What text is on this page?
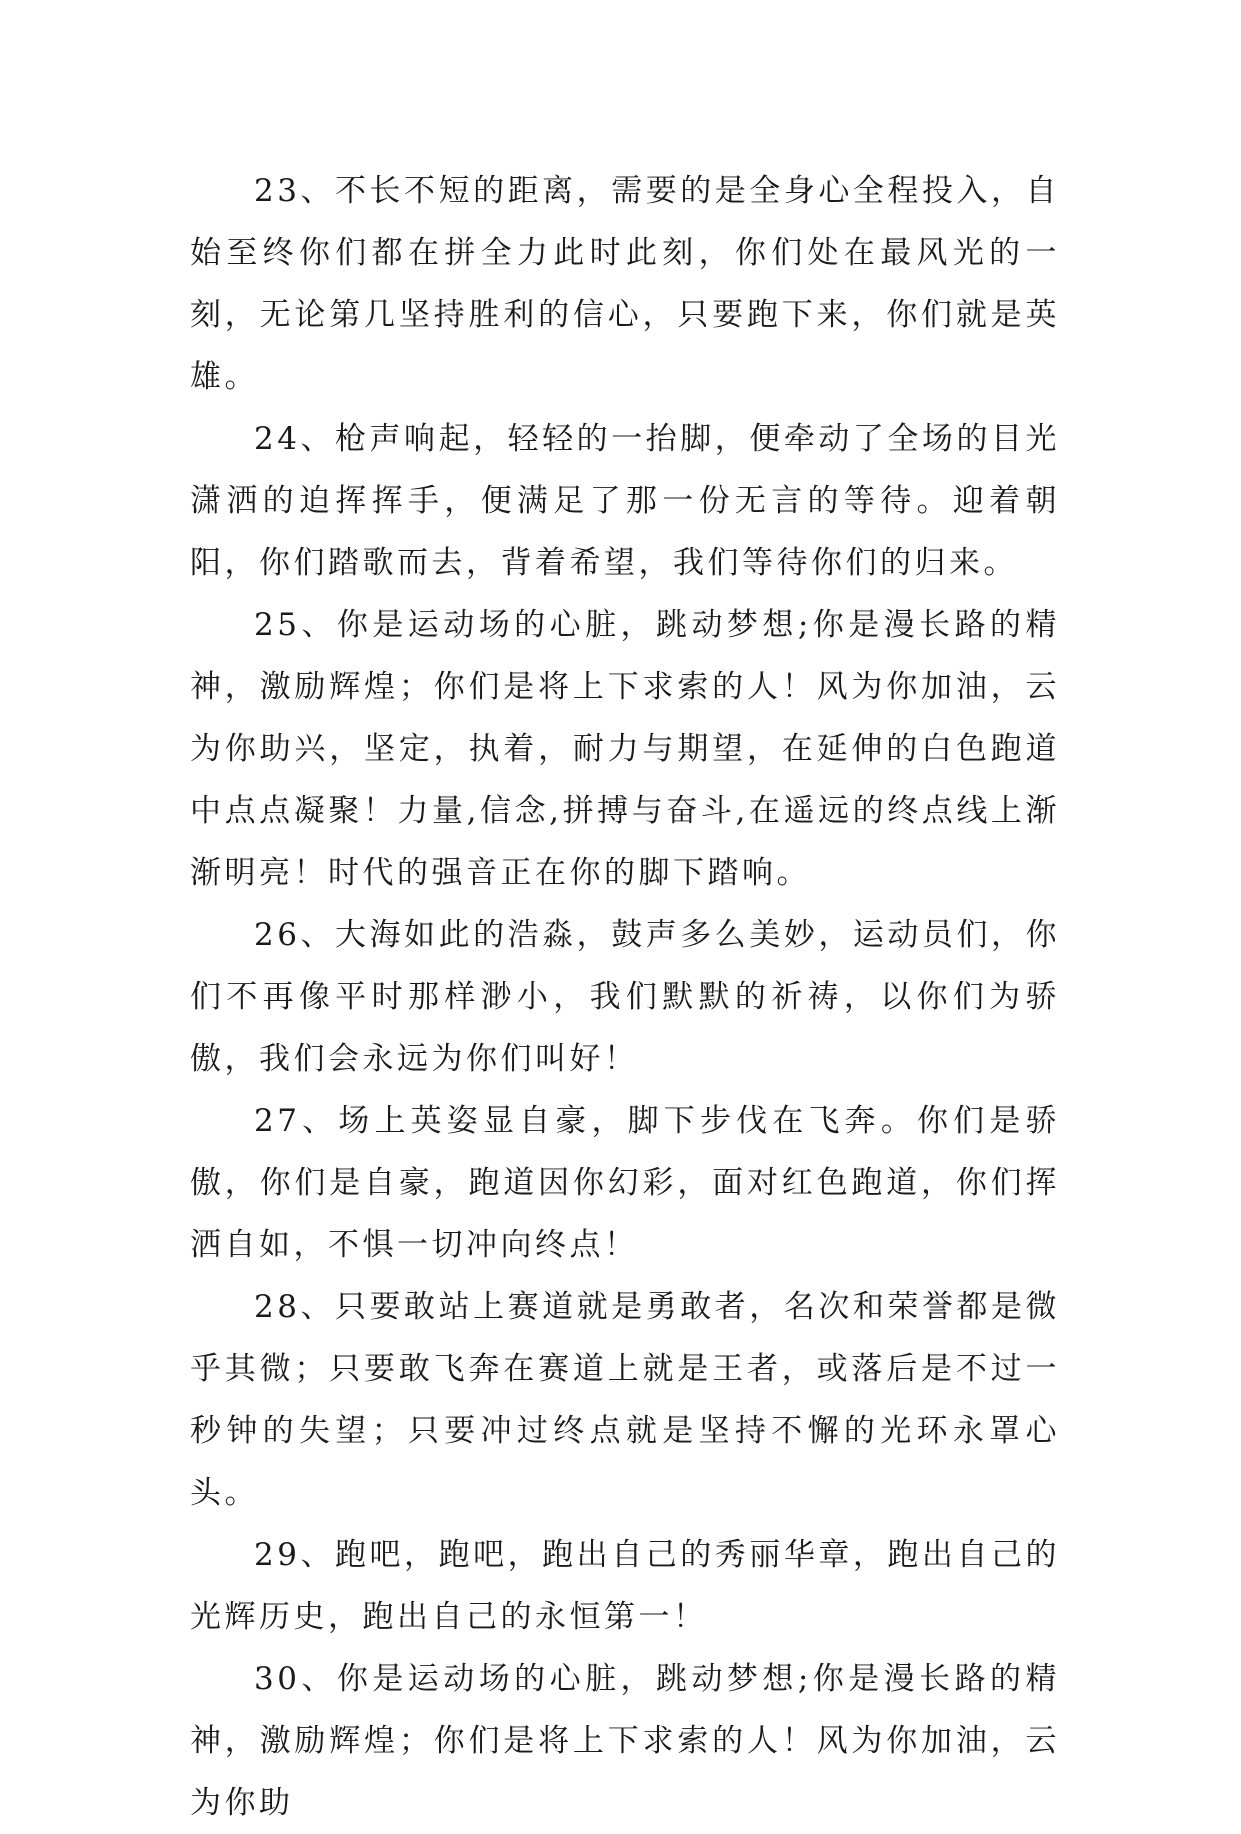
23、不长不短的距离，需要的是全身心全程投入，自始至终你们都在拼全力此时此刻，你们处在最风光的一刻，无论第几坚持胜利的信心，只要跑下来，你们就是英雄。

24、枪声响起，轻轻的一抬脚，便牵动了全场的目光潇洒的迫挥挥手，便满足了那一份无言的等待。迎着朝阳，你们踏歌而去，背着希望，我们等待你们的归来。

25、你是运动场的心脏，跳动梦想;你是漫长路的精神，激励辉煌；你们是将上下求索的人！风为你加油，云为你助兴，坚定，执着，耐力与期望，在延伸的白色跑道中点点凝聚！力量,信念,拼搏与奋斗,在遥远的终点线上渐渐明亮！时代的强音正在你的脚下踏响。

26、大海如此的浩淼，鼓声多么美妙，运动员们，你们不再像平时那样渺小，我们默默的祈祷，以你们为骄傲，我们会永远为你们叫好！

27、场上英姿显自豪，脚下步伐在飞奔。你们是骄傲，你们是自豪，跑道因你幻彩，面对红色跑道，你们挥洒自如，不惧一切冲向终点！

28、只要敢站上赛道就是勇敢者，名次和荣誉都是微乎其微；只要敢飞奔在赛道上就是王者，或落后是不过一秒钟的失望；只要冲过终点就是坚持不懈的光环永罩心头。

29、跑吧，跑吧，跑出自己的秀丽华章，跑出自己的光辉历史，跑出自己的永恒第一！

30、你是运动场的心脏，跳动梦想;你是漫长路的精神，激励辉煌；你们是将上下求索的人！风为你加油，云为你助
